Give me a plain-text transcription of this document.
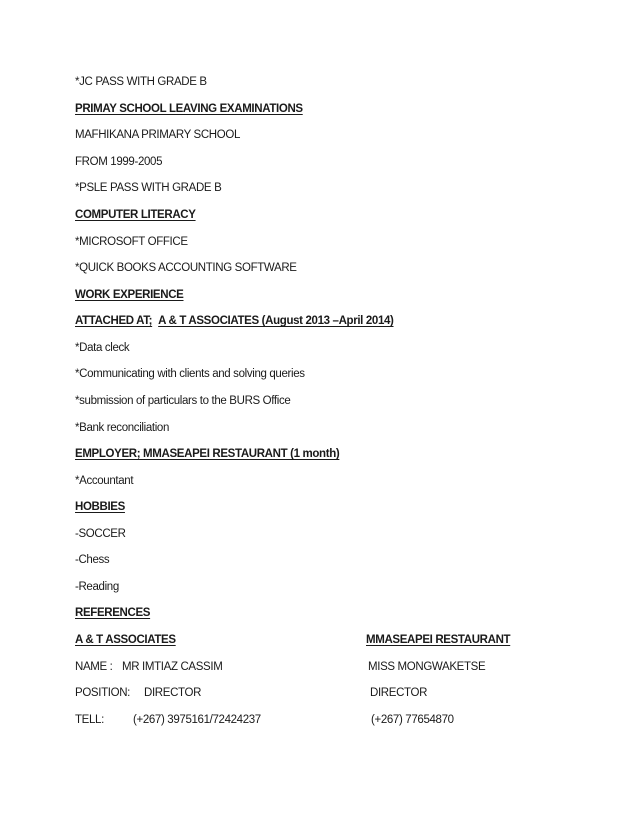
*JC PASS WITH GRADE B
PRIMAY SCHOOL LEAVING EXAMINATIONS
MAFHIKANA PRIMARY SCHOOL
FROM 1999-2005
*PSLE PASS WITH GRADE B
COMPUTER LITERACY
*MICROSOFT OFFICE
*QUICK BOOKS ACCOUNTING SOFTWARE
WORK EXPERIENCE
ATTACHED AT; A & T ASSOCIATES (August 2013 –April 2014)
*Data cleck
*Communicating with clients and solving queries
*submission of particulars to the BURS Office
*Bank reconciliation
EMPLOYER; MMASEAPEI RESTAURANT (1 month)
*Accountant
HOBBIES
-SOCCER
-Chess
-Reading
REFERENCES
A & T ASSOCIATES	MMASEAPEI RESTAURANT
NAME : MR IMTIAZ CASSIM	MISS MONGWAKETSE
POSITION: DIRECTOR	DIRECTOR
TELL:	(+267) 3975161/72424237	(+267) 77654870
